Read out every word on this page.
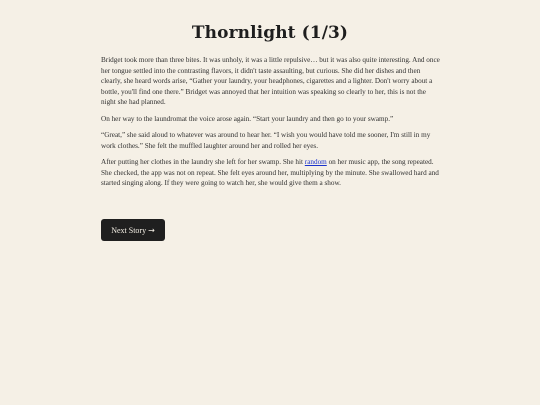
Thornlight (1/3)

Bridget took more than three bites. It was unholy, it was a little repulsive… but it was also quite interesting. And once her tongue settled into the contrasting flavors, it didn't taste assaulting, but curious. She did her dishes and then clearly, she heard words arise, “Gather your laundry, your headphones, cigarettes and a lighter. Don't worry about a bottle, you'll find one there.” Bridget was annoyed that her intuition was speaking so clearly to her, this is not the night she had planned.

On her way to the laundromat the voice arose again. “Start your laundry and then go to your swamp.”

“Great,” she said aloud to whatever was around to hear her. “I wish you would have told me sooner, I'm still in my work clothes.” She felt the muffled laughter around her and rolled her eyes.

After putting her clothes in the laundry she left for her swamp. She hit random on her music app, the song repeated. She checked, the app was not on repeat. She felt eyes around her, multiplying by the minute. She swallowed hard and started singing along. If they were going to watch her, she would give them a show.

Next Story →
